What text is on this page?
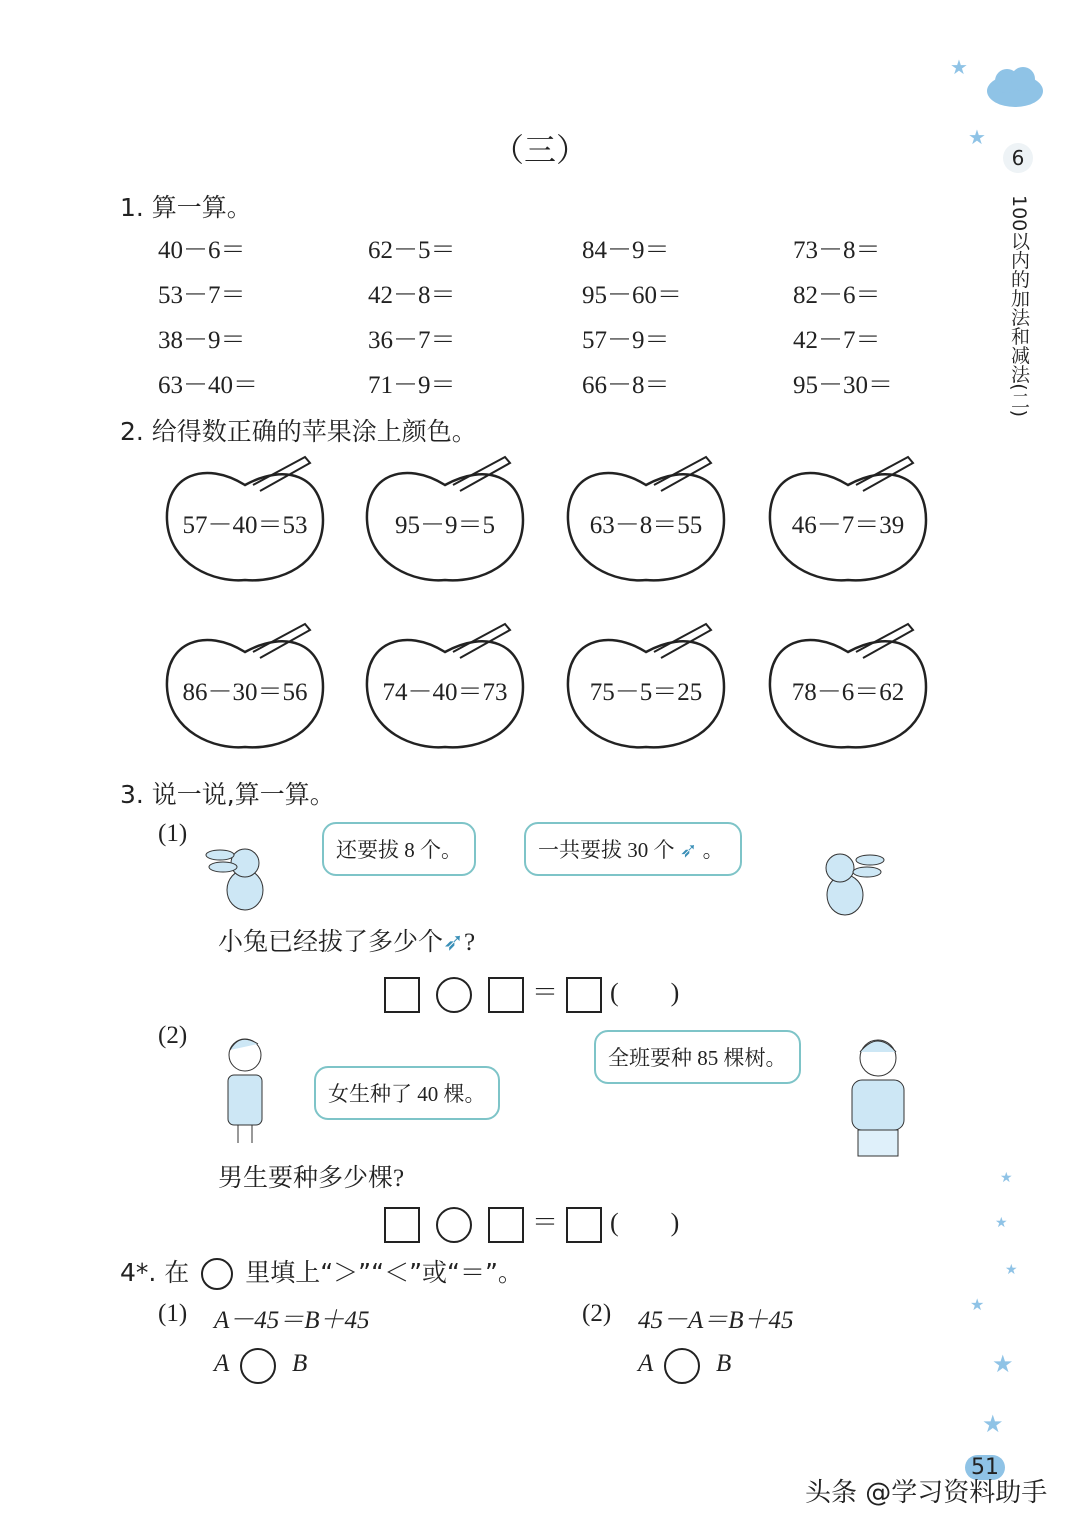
★
★
★
★
★
★
★
★
6
100以内的加法和减法(二)
（三）
1. 算一算。
40－6＝	62－5＝	84－9＝	73－8＝
53－7＝	42－8＝	95－60＝	82－6＝
38－9＝	36－7＝	57－9＝	42－7＝
63－40＝	71－9＝	66－8＝	95－30＝
2. 给得数正确的苹果涂上颜色。
57－40＝53	95－9＝5	63－8＝55	46－7＝39
86－30＝56	74－40＝73	75－5＝25	78－6＝62
3. 说一说,算一算。
(1)
还要拔 8 个。	一共要拔 30 个 ➶ 。
小兔已经拔了多少个➶?
＝ (　　)
(2)
女生种了 40 棵。
全班要种 85 棵树。
男生要种多少棵?
＝ (　　)
4*. 在 里填上“＞”“＜”或“＝”。
(1) A－45＝B＋45
A	B
(2) 45－A＝B＋45
A	B
51
头条 @学习资料助手
